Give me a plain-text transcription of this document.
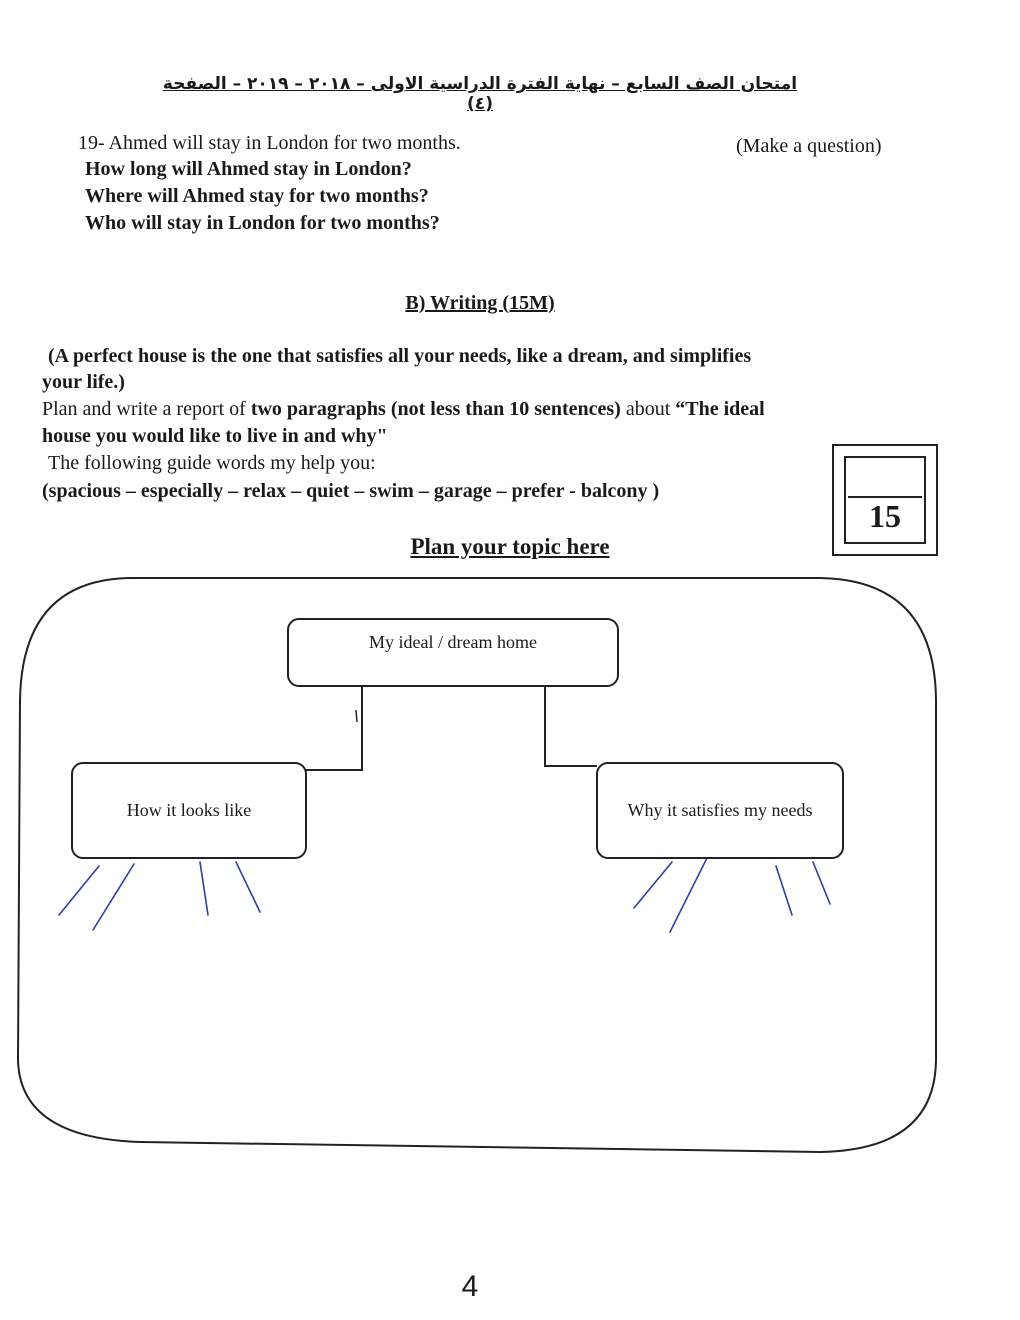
امتحان الصف السابع – نهاية الفترة الدراسية الاولى – ٢٠١٨ – ٢٠١٩ – الصفحة (٤)
19- Ahmed will stay in London for two months.	(Make a question)
How long will Ahmed stay in London?
Where will Ahmed stay for two months?
Who will stay in London for two months?
B) Writing (15M)
(A perfect house is the one that satisfies all your needs, like a dream, and simplifies
your life.)
Plan and write a report of two paragraphs (not less than 10 sentences) about “The ideal
house you would like to live in and why"
The following guide words my help you:
(spacious – especially – relax – quiet – swim – garage – prefer - balcony )
15
Plan your topic here
My ideal / dream home
How it looks like	Why it satisfies my needs
4
